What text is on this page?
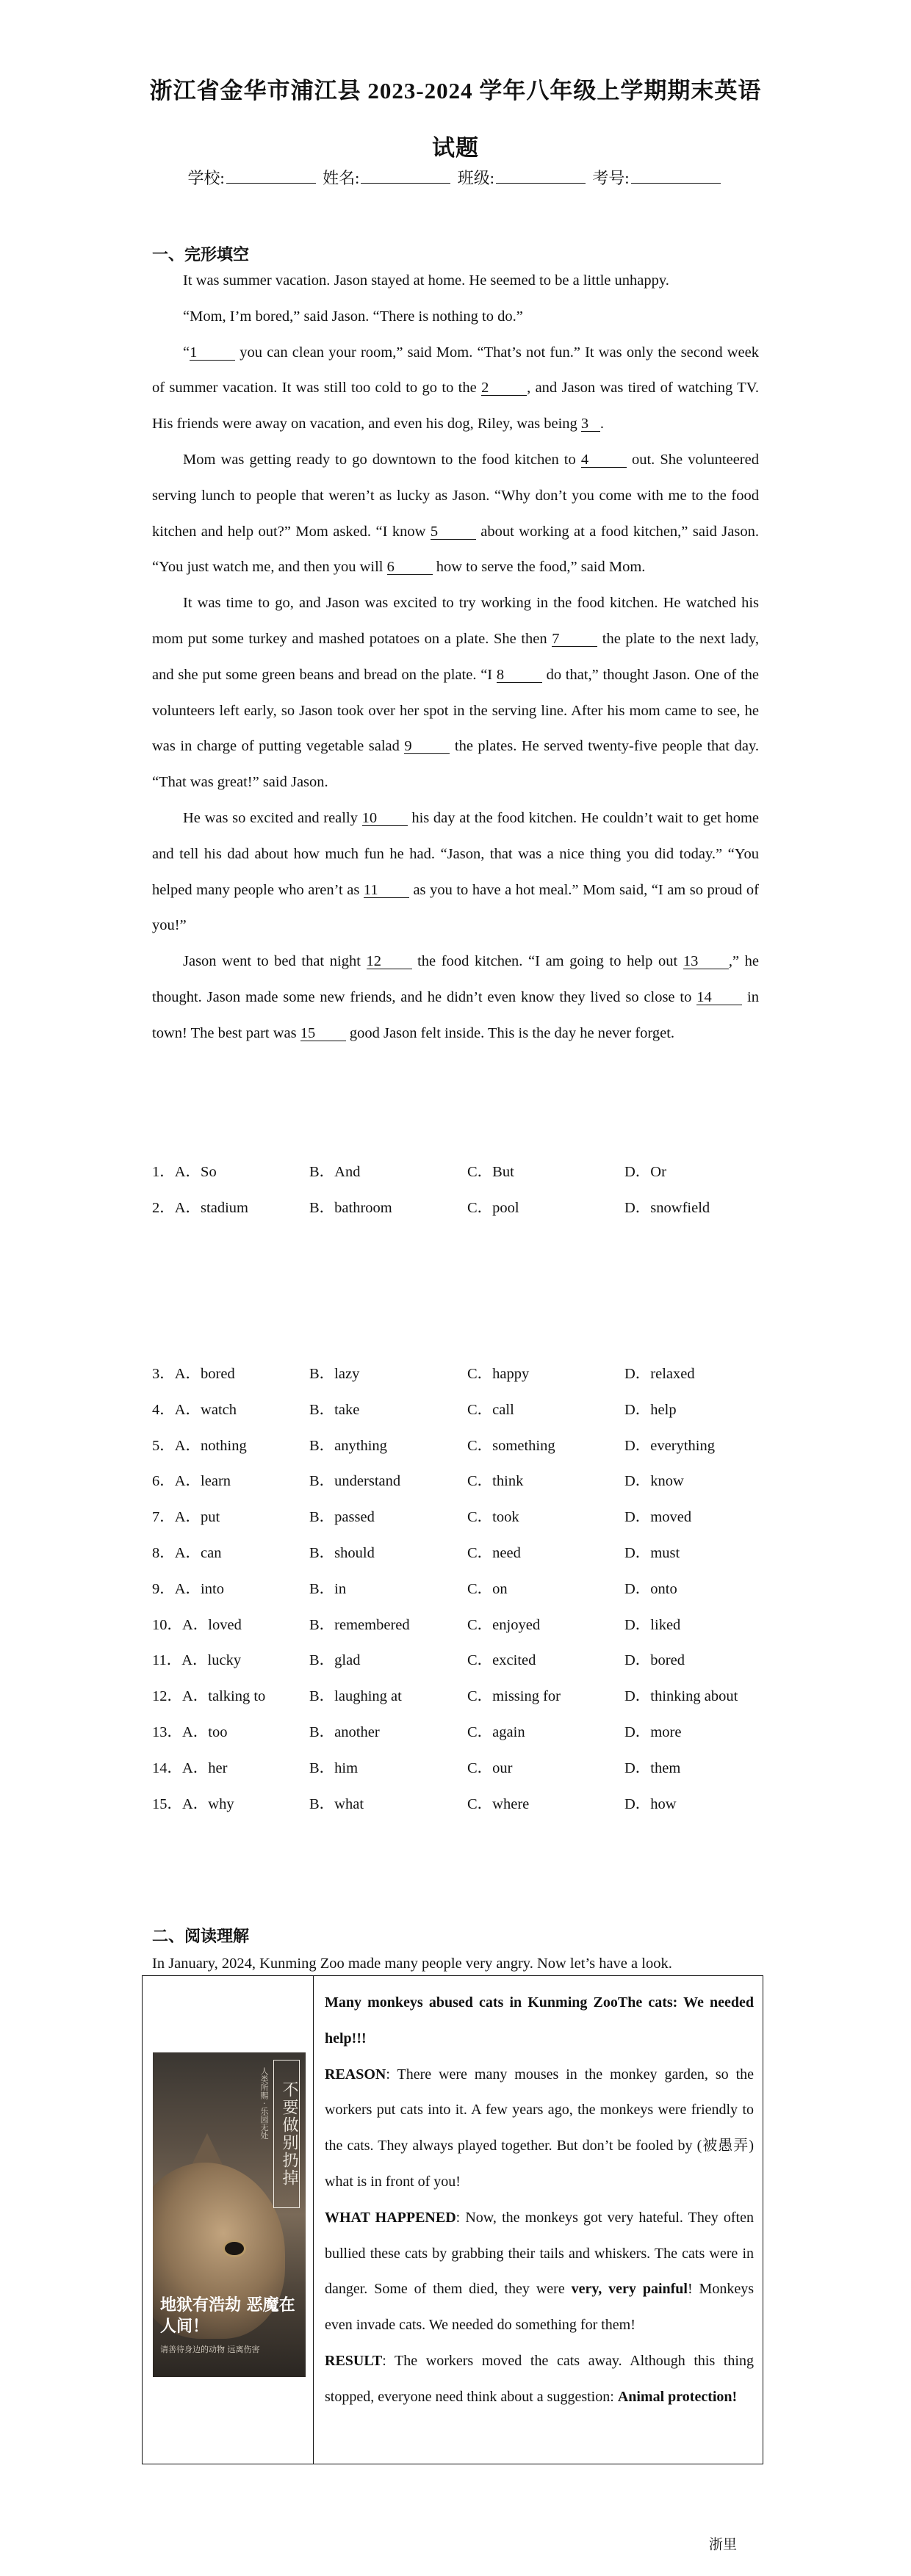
浙江省金华市浦江县 2023-2024 学年八年级上学期期末英语
试题
学校:	姓名:	班级:	考号:
一、完形填空

It was summer vacation. Jason stayed at home. He seemed to be a little unhappy.

“Mom, I’m bored,” said Jason. “There is nothing to do.”

“1	you can clean your room,” said Mom. “That’s not fun.” It was only the second week of summer vacation. It was still too cold to go to the 2	, and Jason was tired of watching TV. His friends were away on vacation, and even his dog, Riley, was being 3 .

Mom was getting ready to go downtown to the food kitchen to 4	out. She volunteered serving lunch to people that weren’t as lucky as Jason. “Why don’t you come with me to the food kitchen and help out?” Mom asked. “I know 5	about working at a food kitchen,” said Jason. “You just watch me, and then you will 6	how to serve the food,” said Mom.

It was time to go, and Jason was excited to try working in the food kitchen. He watched his mom put some turkey and mashed potatoes on a plate. She then 7	the plate to the next lady, and she put some green beans and bread on the plate. “I 8	do that,” thought Jason. One of the volunteers left early, so Jason took over her spot in the serving line. After his mom came to see, he was in charge of putting vegetable salad 9	the plates. He served twenty-five people that day. “That was great!” said Jason.

He was so excited and really 10 his day at the food kitchen. He couldn’t wait to get home and tell his dad about how much fun he had. “Jason, that was a nice thing you did today.” “You helped many people who aren’t as 11 as you to have a hot meal.” Mom said, “I am so proud of you!”

Jason went to bed that night 12 the food kitchen. “I am going to help out 13 ,” he thought. Jason made some new friends, and he didn’t even know they lived so close to 14 in town! The best part was 15 good Jason felt inside. This is the day he never forget.

1．A．So	B．And	C．But	D．Or
2．A．stadium	B．bathroom	C．pool	D．snowfield
3．A．bored	B．lazy	C．happy	D．relaxed
4．A．watch	B．take	C．call	D．help
5．A．nothing	B．anything	C．something	D．everything
6．A．learn	B．understand	C．think	D．know
7．A．put	B．passed	C．took	D．moved
8．A．can	B．should	C．need	D．must
9．A．into	B．in	C．on	D．onto
10．A．loved	B．remembered	C．enjoyed	D．liked
11．A．lucky	B．glad	C．excited	D．bored
12．A．talking to	B．laughing at	C．missing for	D．thinking about
13．A．too	B．another	C．again	D．more
14．A．her	B．him	C．our	D．them
15．A．why	B．what	C．where	D．how
二、阅读理解
In January, 2024, Kunming Zoo made many people very angry. Now let’s have a look.
不要做别扔掉
人类所赐 · 乐园无处
地狱有浩劫 恶魔在人间！
请善待身边的动物 远离伤害

Many monkeys abused cats in Kunming ZooThe cats: We needed help!!!

REASON: There were many mouses in the monkey garden, so the workers put cats into it. A few years ago, the monkeys were friendly to the cats. They always played together. But don’t be fooled by (被愚弄) what is in front of you!

WHAT HAPPENED: Now, the monkeys got very hateful. They often bullied these cats by grabbing their tails and whiskers. The cats were in danger. Some of them died, they were very, very painful! Monkeys even invade cats. We needed do something for them!

RESULT: The workers moved the cats away. Although this thing stopped, everyone need think about a suggestion: Animal protection!

浙里
